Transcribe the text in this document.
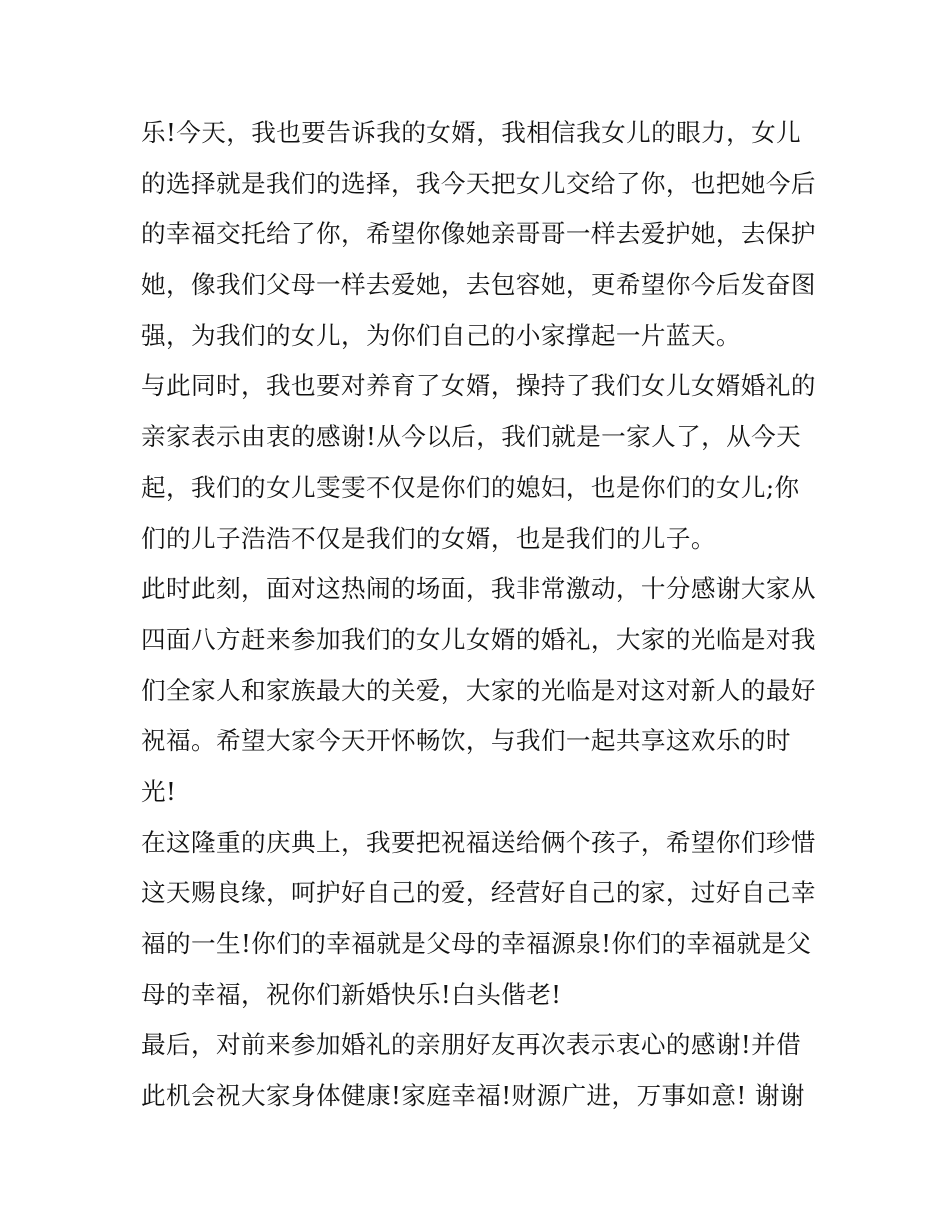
乐!今天，我也要告诉我的女婿，我相信我女儿的眼力，女儿
的选择就是我们的选择，我今天把女儿交给了你，也把她今后
的幸福交托给了你，希望你像她亲哥哥一样去爱护她，去保护
她，像我们父母一样去爱她，去包容她，更希望你今后发奋图
强，为我们的女儿，为你们自己的小家撑起一片蓝天。
与此同时，我也要对养育了女婿，操持了我们女儿女婿婚礼的
亲家表示由衷的感谢!从今以后，我们就是一家人了，从今天
起，我们的女儿雯雯不仅是你们的媳妇，也是你们的女儿;你
们的儿子浩浩不仅是我们的女婿，也是我们的儿子。
此时此刻，面对这热闹的场面，我非常激动，十分感谢大家从
四面八方赶来参加我们的女儿女婿的婚礼，大家的光临是对我
们全家人和家族最大的关爱，大家的光临是对这对新人的最好
祝福。希望大家今天开怀畅饮，与我们一起共享这欢乐的时
光!
在这隆重的庆典上，我要把祝福送给俩个孩子，希望你们珍惜
这天赐良缘，呵护好自己的爱，经营好自己的家，过好自己幸
福的一生!你们的幸福就是父母的幸福源泉!你们的幸福就是父
母的幸福，祝你们新婚快乐!白头偕老!
最后，对前来参加婚礼的亲朋好友再次表示衷心的感谢!并借
此机会祝大家身体健康!家庭幸福!财源广进，万事如意! 谢谢
